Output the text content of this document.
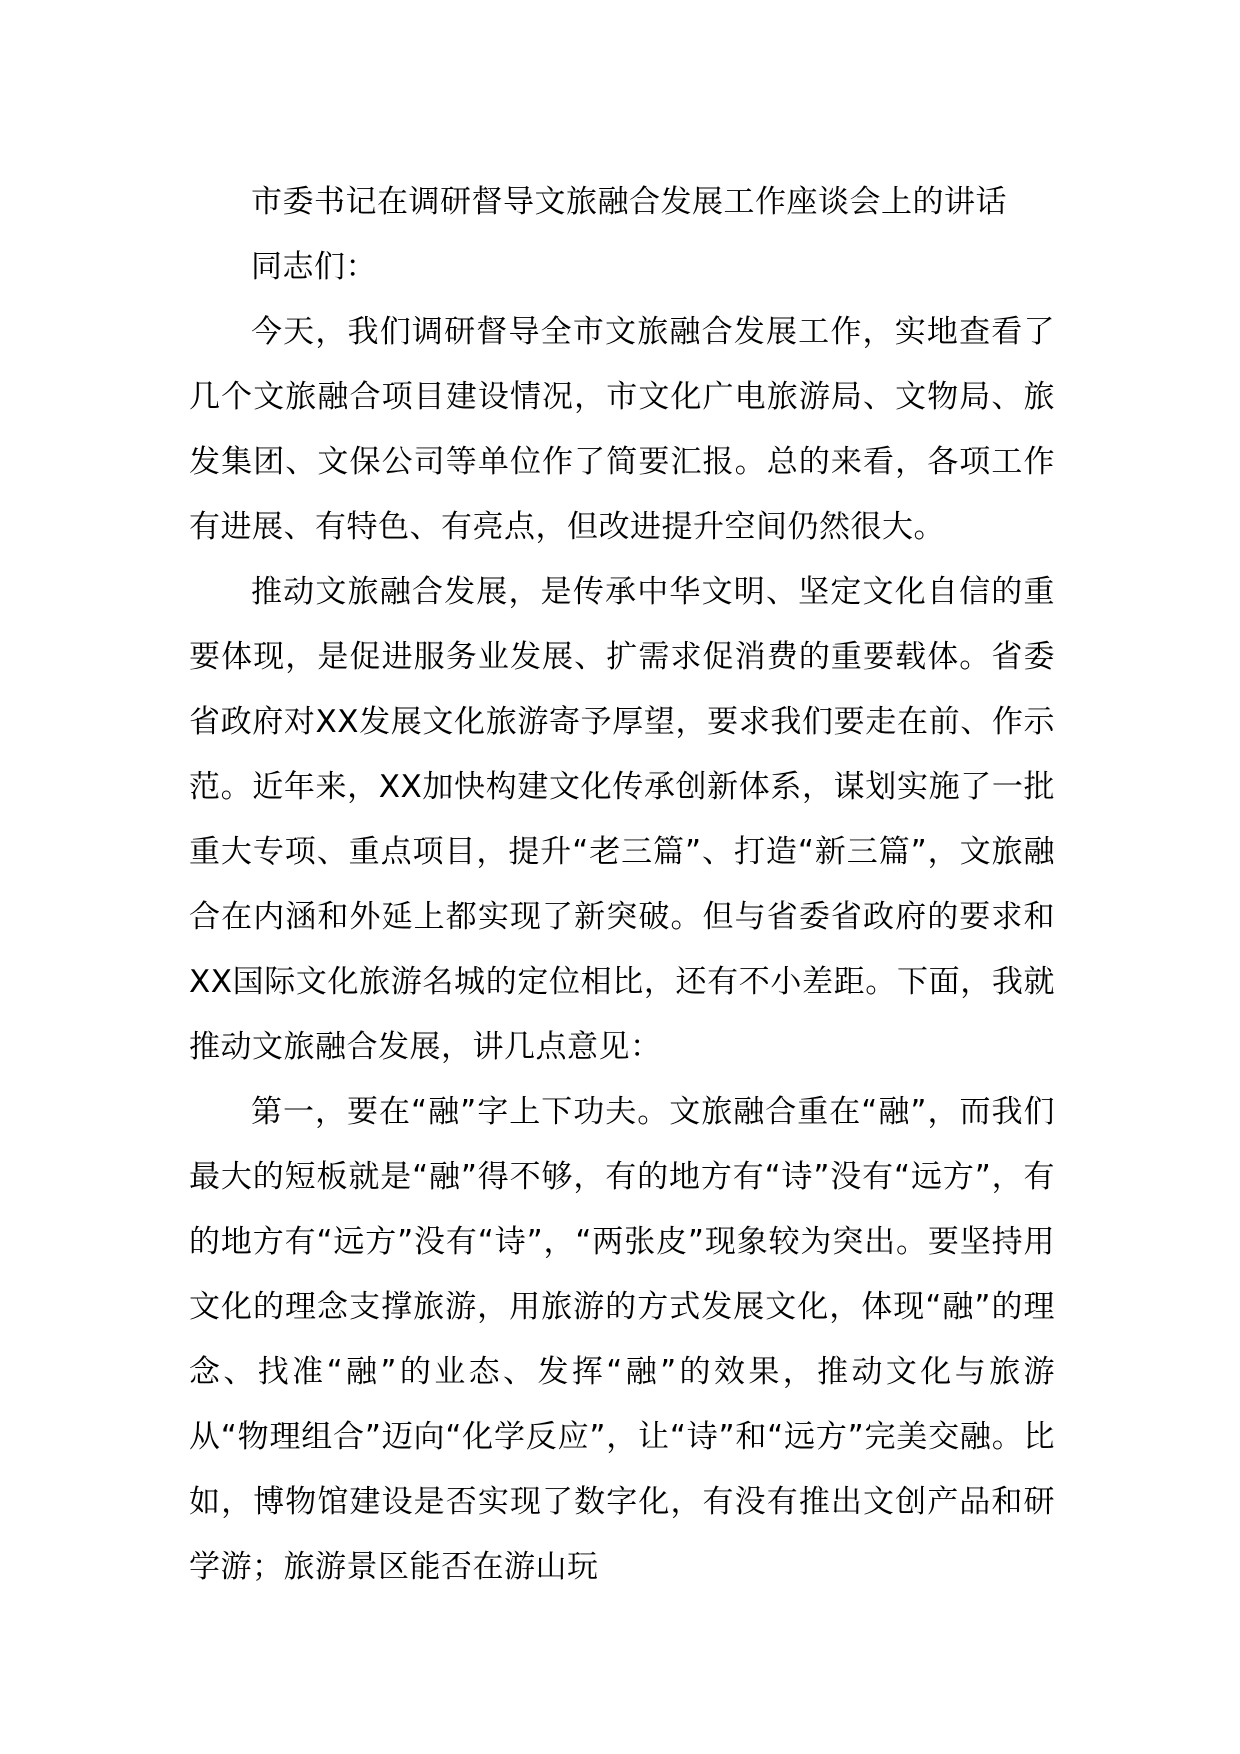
市委书记在调研督导文旅融合发展工作座谈会上的讲话

同志们：

今天，我们调研督导全市文旅融合发展工作，实地查看了几个文旅融合项目建设情况，市文化广电旅游局、文物局、旅发集团、文保公司等单位作了简要汇报。总的来看，各项工作有进展、有特色、有亮点，但改进提升空间仍然很大。

推动文旅融合发展，是传承中华文明、坚定文化自信的重要体现，是促进服务业发展、扩需求促消费的重要载体。省委省政府对XX发展文化旅游寄予厚望，要求我们要走在前、作示范。近年来，XX加快构建文化传承创新体系，谋划实施了一批重大专项、重点项目，提升“老三篇”、打造“新三篇”，文旅融合在内涵和外延上都实现了新突破。但与省委省政府的要求和XX国际文化旅游名城的定位相比，还有不小差距。下面，我就推动文旅融合发展，讲几点意见：

第一，要在“融”字上下功夫。文旅融合重在“融”，而我们最大的短板就是“融”得不够，有的地方有“诗”没有“远方”，有的地方有“远方”没有“诗”，“两张皮”现象较为突出。要坚持用文化的理念支撑旅游，用旅游的方式发展文化，体现“融”的理念、找准“融”的业态、发挥“融”的效果，推动文化与旅游从“物理组合”迈向“化学反应”，让“诗”和“远方”完美交融。比如，博物馆建设是否实现了数字化，有没有推出文创产品和研学游；旅游景区能否在游山玩
